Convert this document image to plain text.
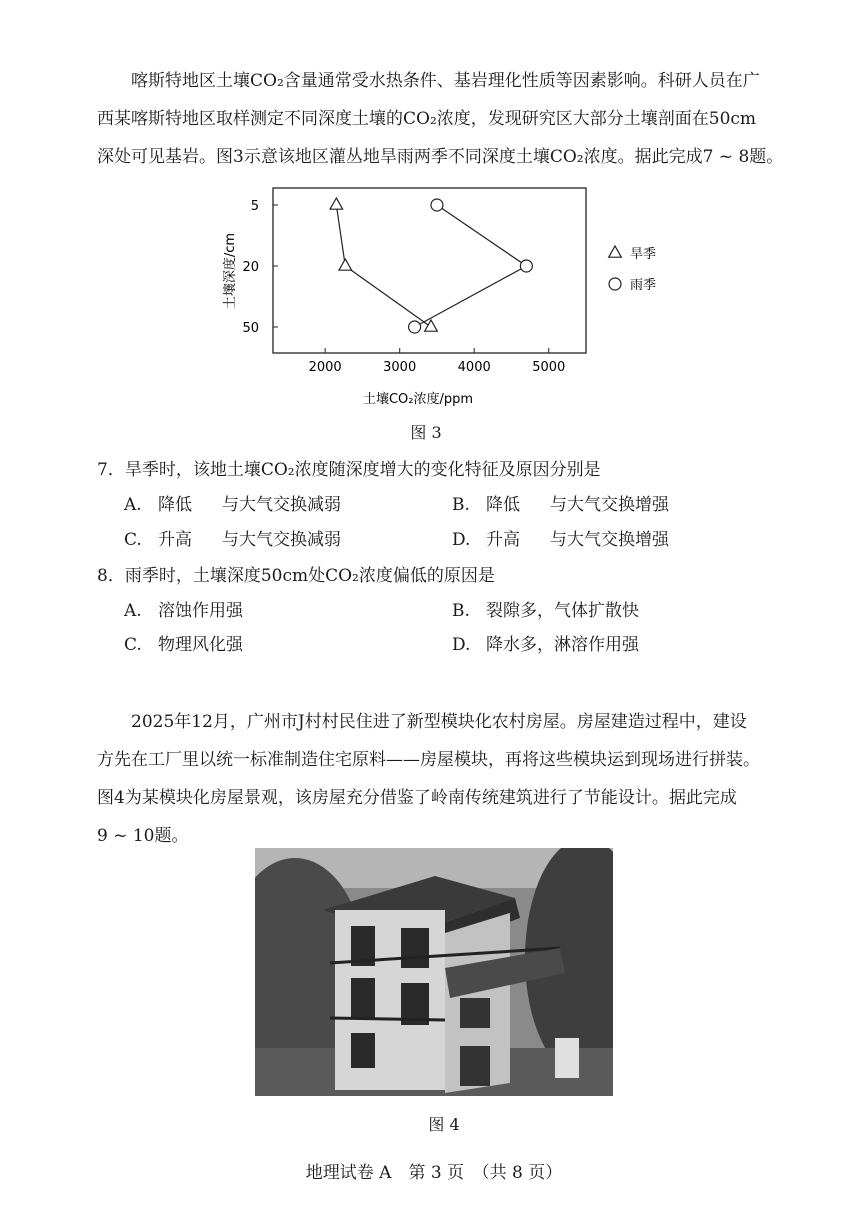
喀斯特地区土壤CO₂含量通常受水热条件、基岩理化性质等因素影响。科研人员在广
西某喀斯特地区取样测定不同深度土壤的CO₂浓度，发现研究区大部分土壤剖面在50cm
深处可见基岩。图3示意该地区灌丛地旱雨两季不同深度土壤CO₂浓度。据此完成7 ~ 8题。
土壤深度/cm
土壤CO₂浓度/ppm
2000	3000	4000	5000
5
20
50
旱季
雨季
图 3
7．旱季时，该地土壤CO₂浓度随深度增大的变化特征及原因分别是
A. 降低 与大气交换减弱	B. 降低 与大气交换增强
C. 升高 与大气交换减弱	D. 升高 与大气交换增强
8．雨季时，土壤深度50cm处CO₂浓度偏低的原因是
A. 溶蚀作用强	B. 裂隙多，气体扩散快
C. 物理风化强	D. 降水多，淋溶作用强
2025年12月，广州市J村村民住进了新型模块化农村房屋。房屋建造过程中，建设
方先在工厂里以统一标准制造住宅原料——房屋模块，再将这些模块运到现场进行拼装。
图4为某模块化房屋景观，该房屋充分借鉴了岭南传统建筑进行了节能设计。据此完成
9 ~ 10题。
图 4
地理试卷 A　第 3 页　（共 8 页）
